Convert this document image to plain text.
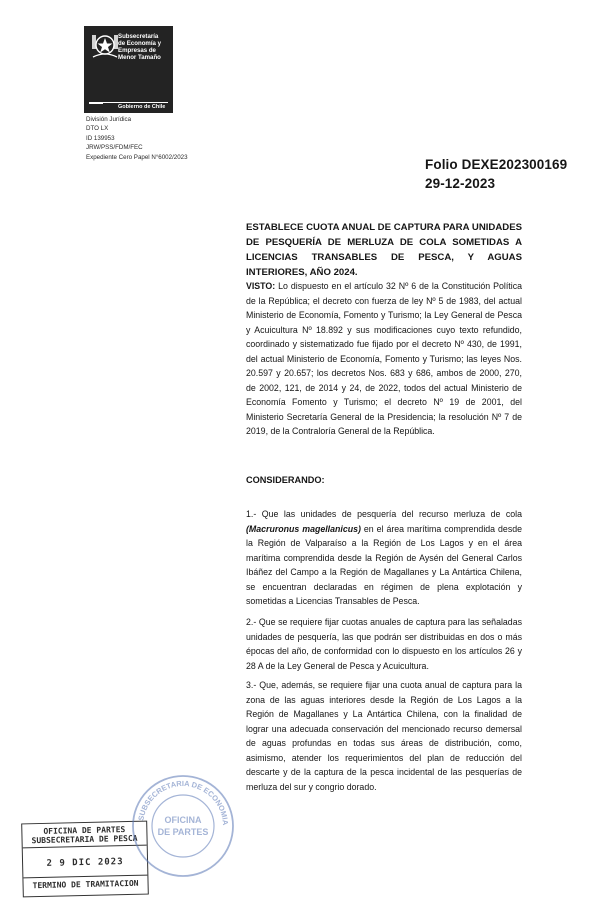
Subsecretaría
de Economía y
Empresas de
Menor Tamaño
Gobierno de Chile
División Jurídica
DTO LX
ID 139953
JRW/PSS/FDM/FEC
Expediente Cero Papel N°6002/2023	Folio DEXE202300169
29-12-2023
ESTABLECE CUOTA ANUAL DE CAPTURA PARA UNIDADES DE PESQUERÍA DE MERLUZA DE COLA SOMETIDAS A LICENCIAS TRANSABLES DE PESCA, Y AGUAS INTERIORES, AÑO 2024.
VISTO: Lo dispuesto en el artículo 32 Nº 6 de la Constitución Política de la República; el decreto con fuerza de ley Nº 5 de 1983, del actual Ministerio de Economía, Fomento y Turismo; la Ley General de Pesca y Acuicultura Nº 18.892 y sus modificaciones cuyo texto refundido, coordinado y sistematizado fue fijado por el decreto Nº 430, de 1991, del actual Ministerio de Economía, Fomento y Turismo; las leyes Nos. 20.597 y 20.657; los decretos Nos. 683 y 686, ambos de 2000, 270, de 2002, 121, de 2014 y 24, de 2022, todos del actual Ministerio de Economía Fomento y Turismo; el decreto Nº 19 de 2001, del Ministerio Secretaría General de la Presidencia; la resolución Nº 7 de 2019, de la Contraloría General de la República.
CONSIDERANDO:
1.- Que las unidades de pesquería del recurso merluza de cola (Macruronus magellanicus) en el área marítima comprendida desde la Región de Valparaíso a la Región de Los Lagos y en el área marítima comprendida desde la Región de Aysén del General Carlos Ibáñez del Campo a la Región de Magallanes y La Antártica Chilena, se encuentran declaradas en régimen de plena explotación y sometidas a Licencias Transables de Pesca.
2.- Que se requiere fijar cuotas anuales de captura para las señaladas unidades de pesquería, las que podrán ser distribuidas en dos o más épocas del año, de conformidad con lo dispuesto en los artículos 26 y 28 A de la Ley General de Pesca y Acuicultura.
3.- Que, además, se requiere fijar una cuota anual de captura para la zona de las aguas interiores desde la Región de Los Lagos a la Región de Magallanes y La Antártica Chilena, con la finalidad de lograr una adecuada conservación del mencionado recurso demersal de aguas profundas en todas sus áreas de distribución, como, asimismo, atender los requerimientos del plan de reducción del descarte y de la captura de la pesca incidental de las pesquerías de merluza del sur y congrio dorado.
OFICINA DE PARTES
SUBSECRETARIA DE PESCA
2 9 DIC 2023
TERMINO DE TRAMITACION
SUBSECRETARIA DE ECONOMIA
OFICINA
DE PARTES
